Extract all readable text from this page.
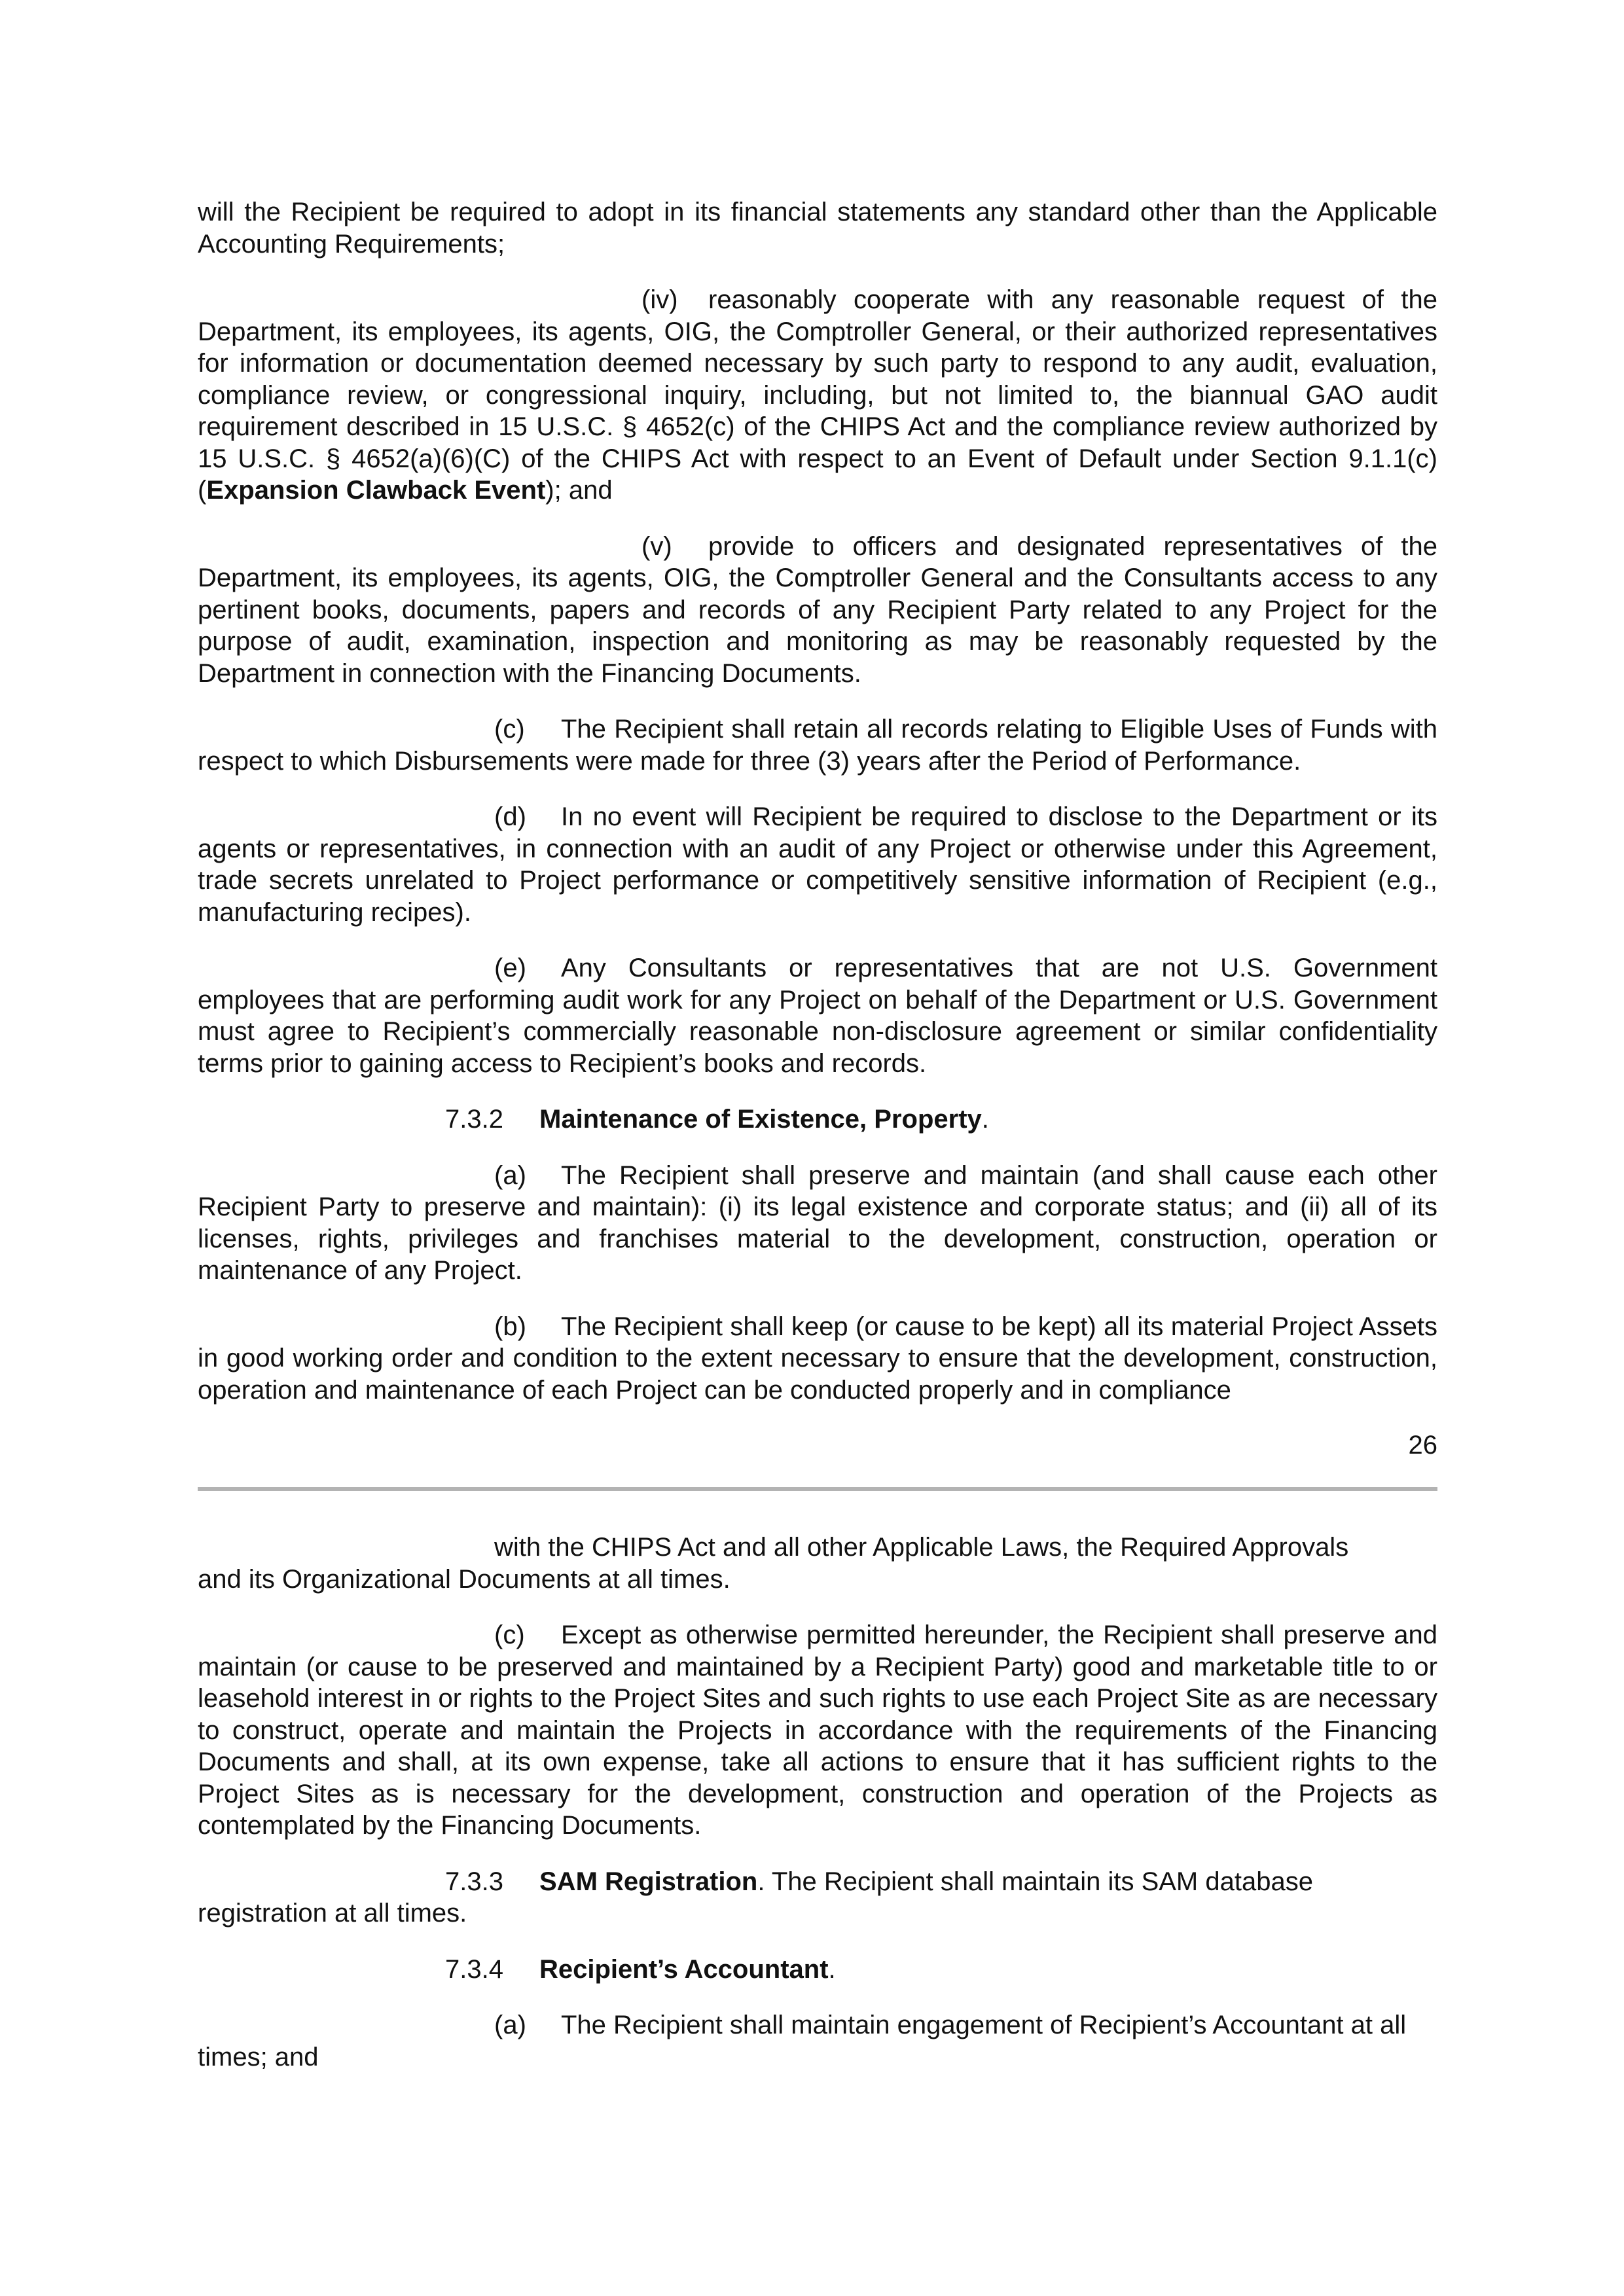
will the Recipient be required to adopt in its financial statements any standard other than the Applicable Accounting Requirements;

(iv) reasonably cooperate with any reasonable request of the Department, its employees, its agents, OIG, the Comptroller General, or their authorized representatives for information or documentation deemed necessary by such party to respond to any audit, evaluation, compliance review, or congressional inquiry, including, but not limited to, the biannual GAO audit requirement described in 15 U.S.C. § 4652(c) of the CHIPS Act and the compliance review authorized by 15 U.S.C. § 4652(a)(6)(C) of the CHIPS Act with respect to an Event of Default under Section 9.1.1(c) (Expansion Clawback Event); and

(v) provide to officers and designated representatives of the Department, its employees, its agents, OIG, the Comptroller General and the Consultants access to any pertinent books, documents, papers and records of any Recipient Party related to any Project for the purpose of audit, examination, inspection and monitoring as may be reasonably requested by the Department in connection with the Financing Documents.

(c) The Recipient shall retain all records relating to Eligible Uses of Funds with respect to which Disbursements were made for three (3) years after the Period of Performance.

(d) In no event will Recipient be required to disclose to the Department or its agents or representatives, in connection with an audit of any Project or otherwise under this Agreement, trade secrets unrelated to Project performance or competitively sensitive information of Recipient (e.g., manufacturing recipes).

(e) Any Consultants or representatives that are not U.S. Government employees that are performing audit work for any Project on behalf of the Department or U.S. Government must agree to Recipient’s commercially reasonable non-disclosure agreement or similar confidentiality terms prior to gaining access to Recipient’s books and records.

7.3.2 Maintenance of Existence, Property.

(a) The Recipient shall preserve and maintain (and shall cause each other Recipient Party to preserve and maintain): (i) its legal existence and corporate status; and (ii) all of its licenses, rights, privileges and franchises material to the development, construction, operation or maintenance of any Project.

(b) The Recipient shall keep (or cause to be kept) all its material Project Assets in good working order and condition to the extent necessary to ensure that the development, construction, operation and maintenance of each Project can be conducted properly and in compliance

26

with the CHIPS Act and all other Applicable Laws, the Required Approvals and its Organizational Documents at all times.

(c) Except as otherwise permitted hereunder, the Recipient shall preserve and maintain (or cause to be preserved and maintained by a Recipient Party) good and marketable title to or leasehold interest in or rights to the Project Sites and such rights to use each Project Site as are necessary to construct, operate and maintain the Projects in accordance with the requirements of the Financing Documents and shall, at its own expense, take all actions to ensure that it has sufficient rights to the Project Sites as is necessary for the development, construction and operation of the Projects as contemplated by the Financing Documents.

7.3.3 SAM Registration. The Recipient shall maintain its SAM database registration at all times.

7.3.4 Recipient’s Accountant.

(a) The Recipient shall maintain engagement of Recipient’s Accountant at all times; and
